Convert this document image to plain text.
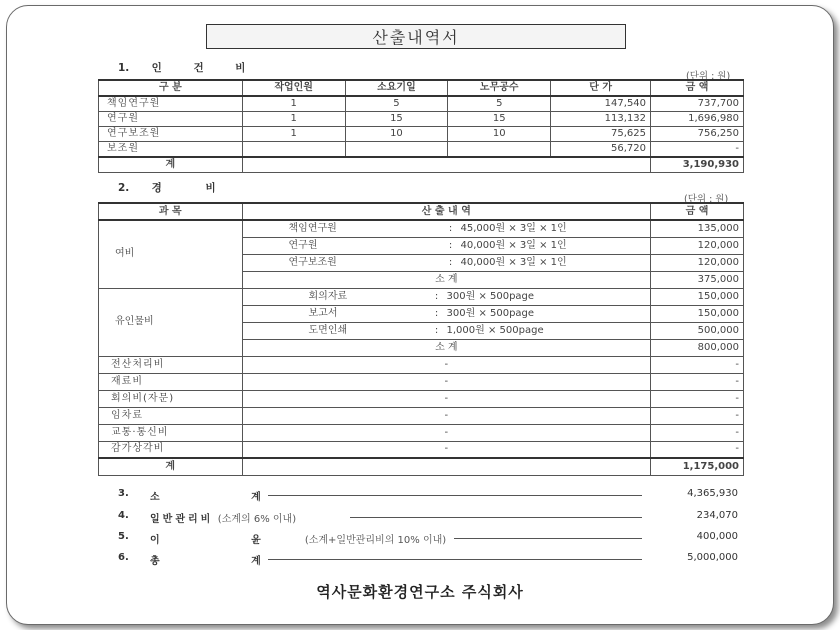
산출내역서
1. 인 건 비
(단위 : 원)
구 분	작업인원	소요기일	노무공수	단 가	금 액
책임연구원	1	5	5	147,540	737,700
연구원	1	15	15	113,132	1,696,980
연구보조원	1	10	10	75,625	756,250
보조원				56,720	-
계					3,190,930
2. 경 비
(단위 : 원)
과 목	산 출 내 역	금 액
여비	책임연구원 : 45,000원 × 3일 × 1인	135,000
	연구원 : 40,000원 × 3일 × 1인	120,000
	연구보조원 : 40,000원 × 3일 × 1인	120,000
	소 계	375,000
유인물비	회의자료 : 300원 × 500page	150,000
	보고서 : 300원 × 500page	150,000
	도면인쇄 : 1,000원 × 500page	500,000
	소 계	800,000
전산처리비	-	-
재료비	-	-
회의비(자문)	-	-
임차료	-	-
교통·통신비	-	-
감가상각비	-	-
계		1,175,000
3. 소 계	4,365,930
4. 일반관리비 (소계의 6% 이내)	234,070
5. 이 윤(소계+일반관리비의 10% 이내)	400,000
6. 총 계	5,000,000
역사문화환경연구소 주식회사
